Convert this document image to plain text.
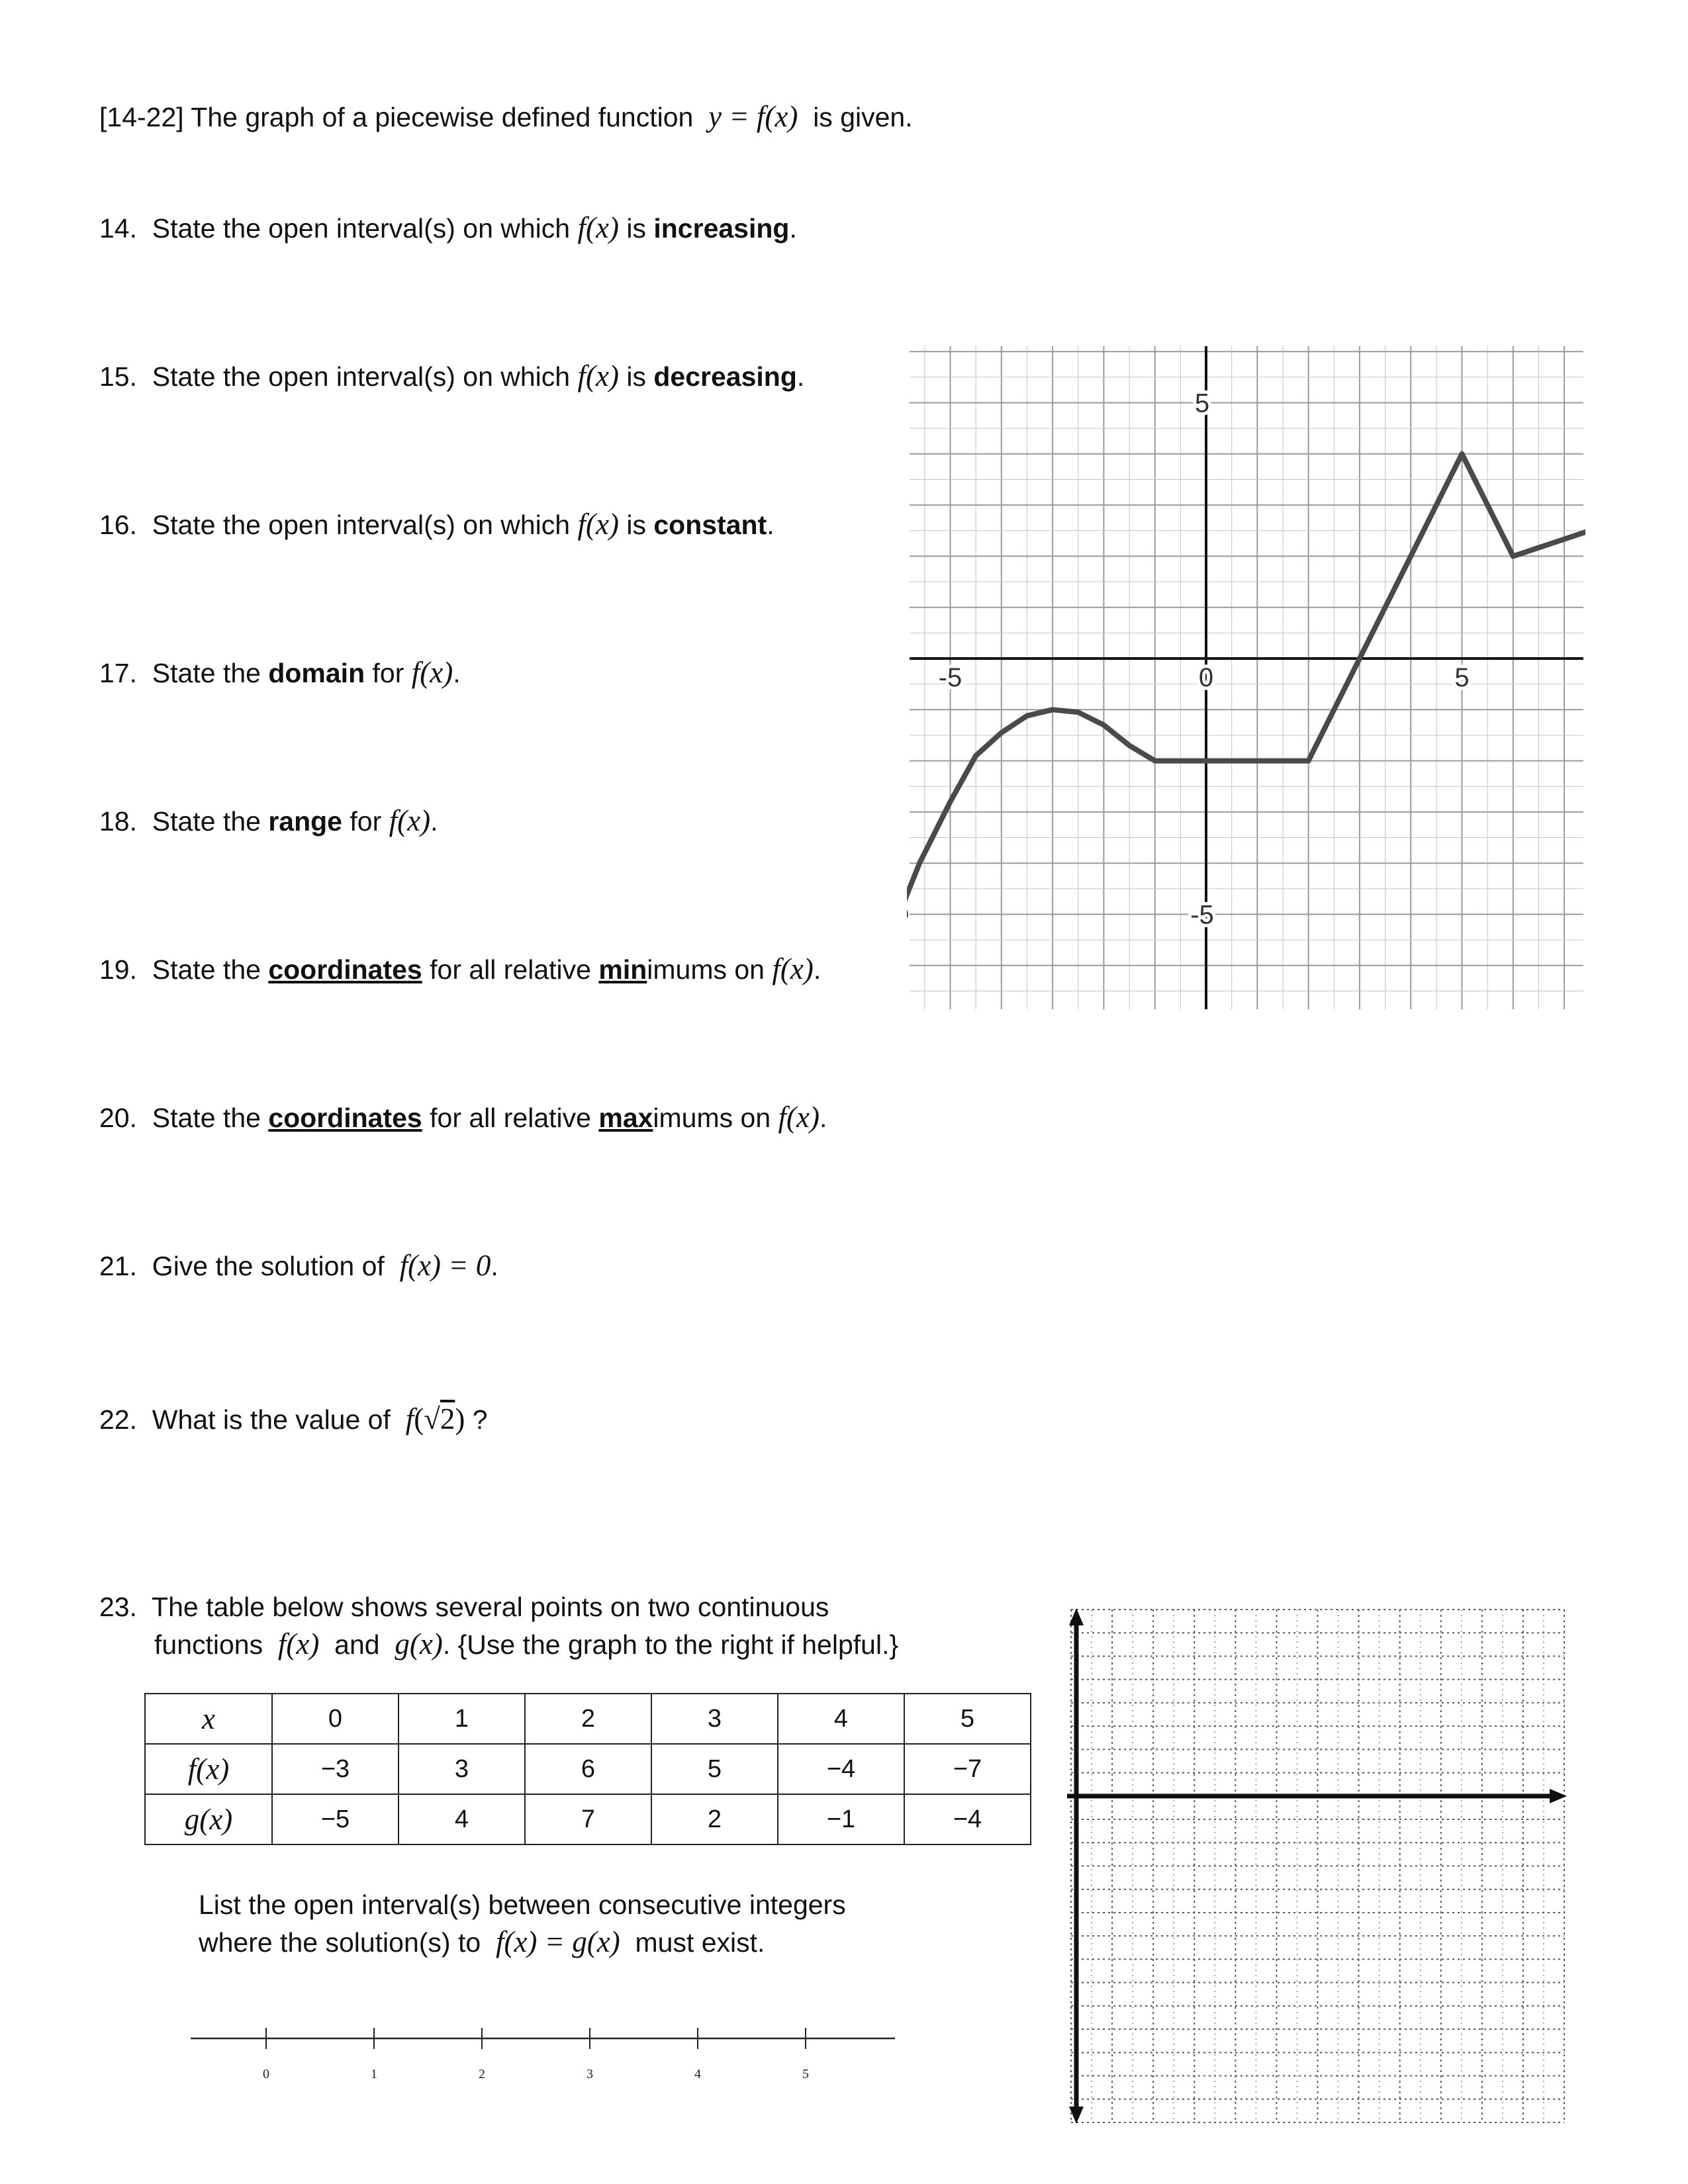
[14-22] The graph of a piecewise defined function y = f(x) is given.
14. State the open interval(s) on which f(x) is increasing.
15. State the open interval(s) on which f(x) is decreasing.
16. State the open interval(s) on which f(x) is constant.
17. State the domain for f(x).
18. State the range for f(x).
19. State the coordinates for all relative minimums on f(x).
20. State the coordinates for all relative maximums on f(x).
21. Give the solution of f(x) = 0.
22. What is the value of f(√2) ?
23. The table below shows several points on two continuous
functions f(x) and g(x). {Use the graph to the right if helpful.}
x	0	1	2	3	4	5
f(x)	−3	3	6	5	−4	−7
g(x)	−5	4	7	2	−1	−4
List the open interval(s) between consecutive integers
where the solution(s) to f(x) = g(x) must exist.
0	1	2	3	4	5
-5	0	5
5
-5
